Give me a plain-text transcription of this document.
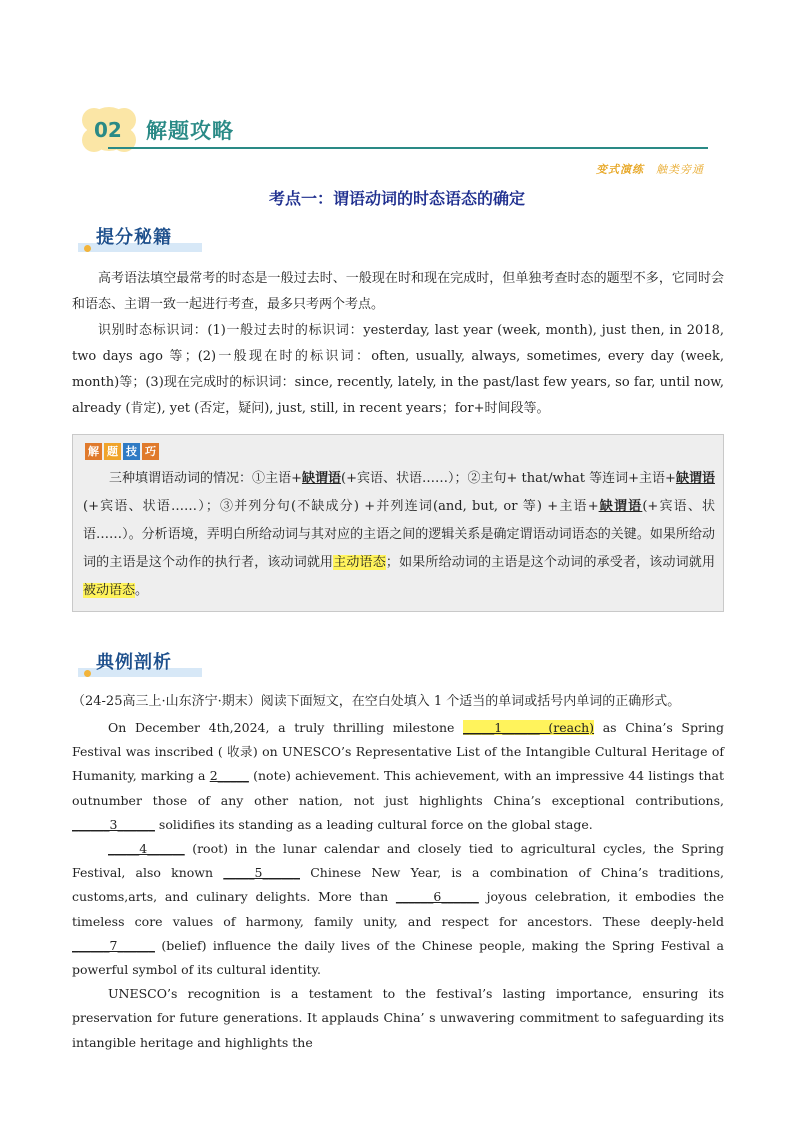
02 解题攻略
变式演练 触类旁通
考点一：谓语动词的时态语态的确定
提分秘籍

高考语法填空最常考的时态是一般过去时、一般现在时和现在完成时，但单独考查时态的题型不多，它同时会和语态、主谓一致一起进行考查，最多只考两个考点。

识别时态标识词：(1)一般过去时的标识词：yesterday, last year (week, month), just then, in 2018, two days ago 等；(2)一般现在时的标识词：often, usually, always, sometimes, every day (week, month)等；(3)现在完成时的标识词：since, recently, lately, in the past/last few years, so far, until now, already (肯定), yet (否定，疑问), just, still, in recent years；for+时间段等。

解 题 技 巧

三种填谓语动词的情况：①主语+缺谓语(+宾语、状语……）；②主句+ that/what 等连词+主语+缺谓语(+宾语、状语……）；③并列分句(不缺成分) +并列连词(and, but, or 等) +主语+缺谓语(+宾语、状语……）。分析语境，弄明白所给动词与其对应的主语之间的逻辑关系是确定谓语动词语态的关键。如果所给动词的主语是这个动作的执行者，该动词就用主动语态；如果所给动词的主语是这个动词的承受者，该动词就用被动语态。

典例剖析
（24-25高三上·山东济宁·期末）阅读下面短文，在空白处填入 1 个适当的单词或括号内单词的正确形式。

On December 4th,2024, a truly thrilling milestone _____1______ (reach) as China’s Spring Festival was inscribed ( 收录) on UNESCO’s Representative List of the Intangible Cultural Heritage of Humanity, marking a 2_____ (note) achievement. This achievement, with an impressive 44 listings that outnumber those of any other nation, not just highlights China’s exceptional contributions, ______3______ solidifies its standing as a leading cultural force on the global stage.

_____4______ (root) in the lunar calendar and closely tied to agricultural cycles, the Spring Festival, also known _____5______ Chinese New Year, is a combination of China’s traditions, customs,arts, and culinary delights. More than ______6______ joyous celebration, it embodies the timeless core values of harmony, family unity, and respect for ancestors. These deeply-held ______7______ (belief) influence the daily lives of the Chinese people, making the Spring Festival a powerful symbol of its cultural identity.

UNESCO’s recognition is a testament to the festival’s lasting importance, ensuring its preservation for future generations. It applauds China’ s unwavering commitment to safeguarding its intangible heritage and highlights the
